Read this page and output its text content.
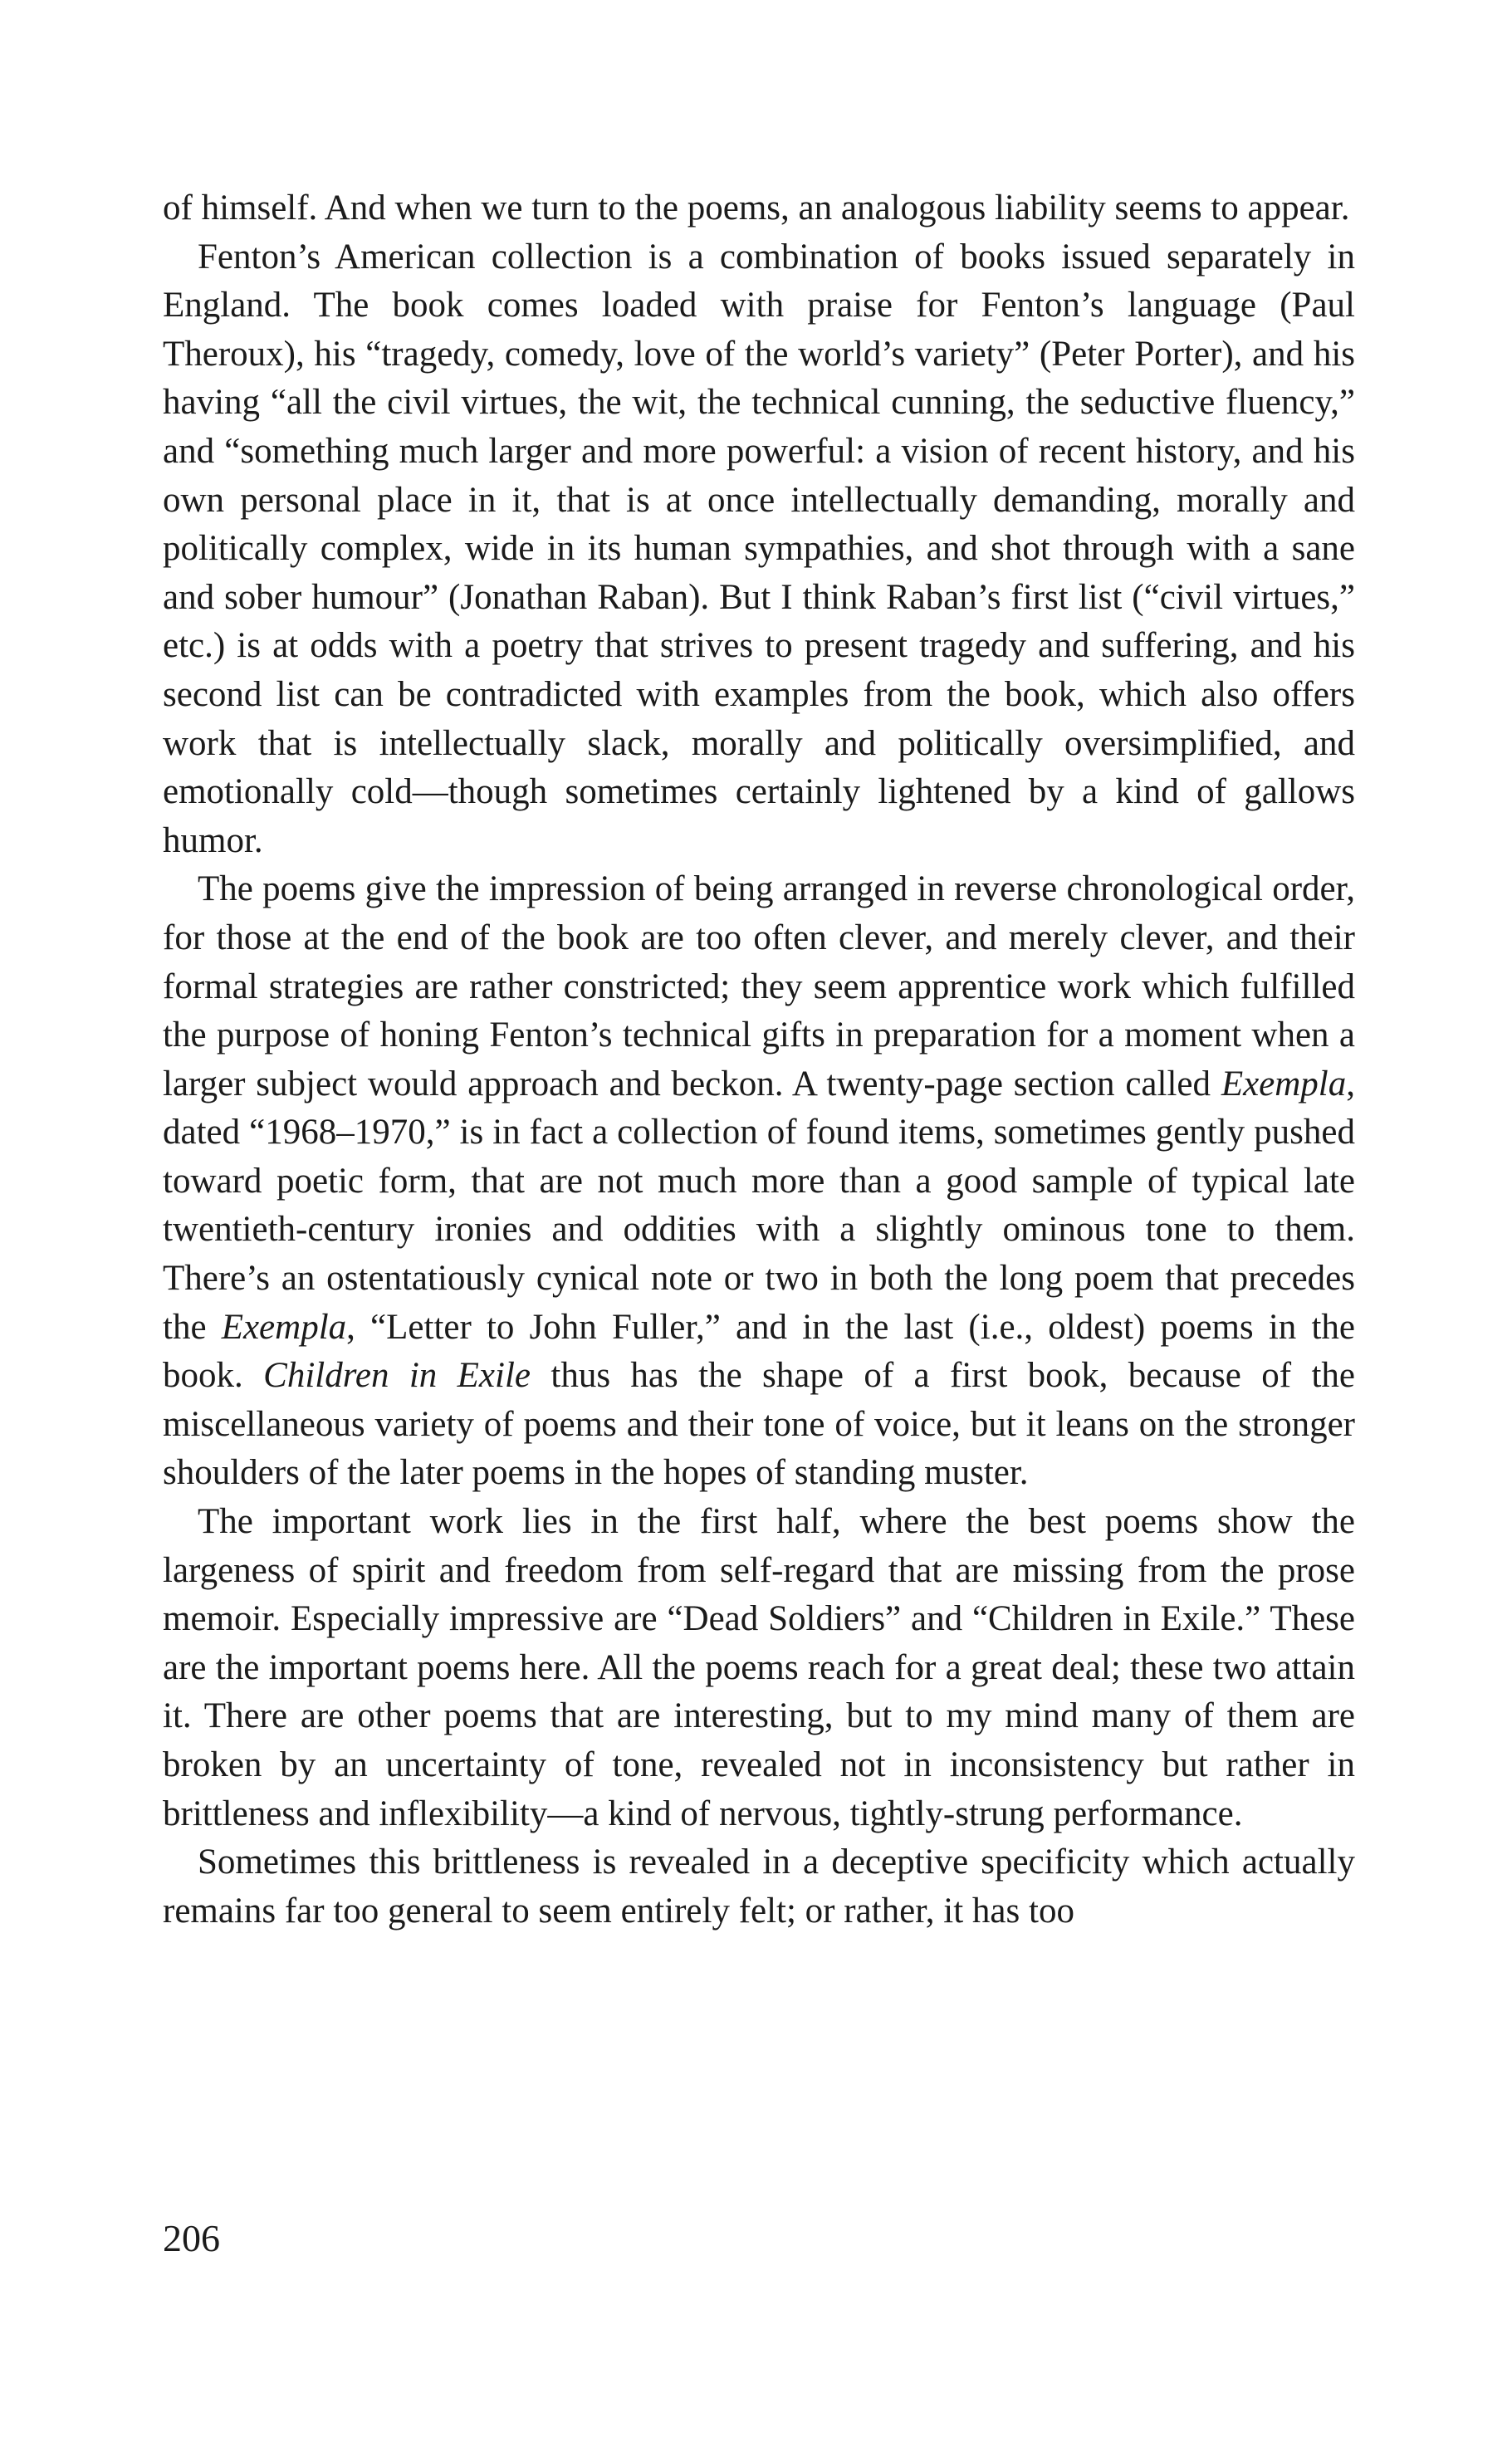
of himself. And when we turn to the poems, an analogous liability seems to appear.

Fenton’s American collection is a combination of books issued separately in England. The book comes loaded with praise for Fenton’s language (Paul Theroux), his “tragedy, comedy, love of the world’s variety” (Peter Porter), and his having “all the civil virtues, the wit, the technical cunning, the seductive fluency,” and “something much larger and more powerful: a vision of recent history, and his own personal place in it, that is at once intellectually demanding, morally and politically complex, wide in its human sympathies, and shot through with a sane and sober humour” (Jonathan Raban). But I think Raban’s first list (“civil virtues,” etc.) is at odds with a poetry that strives to present tragedy and suffering, and his second list can be contradicted with examples from the book, which also offers work that is intellectually slack, morally and politically oversimplified, and emotionally cold—though sometimes certainly lightened by a kind of gallows humor.

The poems give the impression of being arranged in reverse chronological order, for those at the end of the book are too often clever, and merely clever, and their formal strategies are rather constricted; they seem apprentice work which fulfilled the purpose of honing Fenton’s technical gifts in preparation for a moment when a larger subject would approach and beckon. A twenty-page section called Exempla, dated “1968–1970,” is in fact a collection of found items, sometimes gently pushed toward poetic form, that are not much more than a good sample of typical late twentieth-century ironies and oddities with a slightly ominous tone to them. There’s an ostentatiously cynical note or two in both the long poem that precedes the Exempla, “Letter to John Fuller,” and in the last (i.e., oldest) poems in the book. Children in Exile thus has the shape of a first book, because of the miscellaneous variety of poems and their tone of voice, but it leans on the stronger shoulders of the later poems in the hopes of standing muster.

The important work lies in the first half, where the best poems show the largeness of spirit and freedom from self-regard that are missing from the prose memoir. Especially impressive are “Dead Soldiers” and “Children in Exile.” These are the important poems here. All the poems reach for a great deal; these two attain it. There are other poems that are interesting, but to my mind many of them are broken by an uncertainty of tone, revealed not in inconsistency but rather in brittleness and inflexibility—a kind of nervous, tightly-strung performance.

Sometimes this brittleness is revealed in a deceptive specificity which actually remains far too general to seem entirely felt; or rather, it has too

206
